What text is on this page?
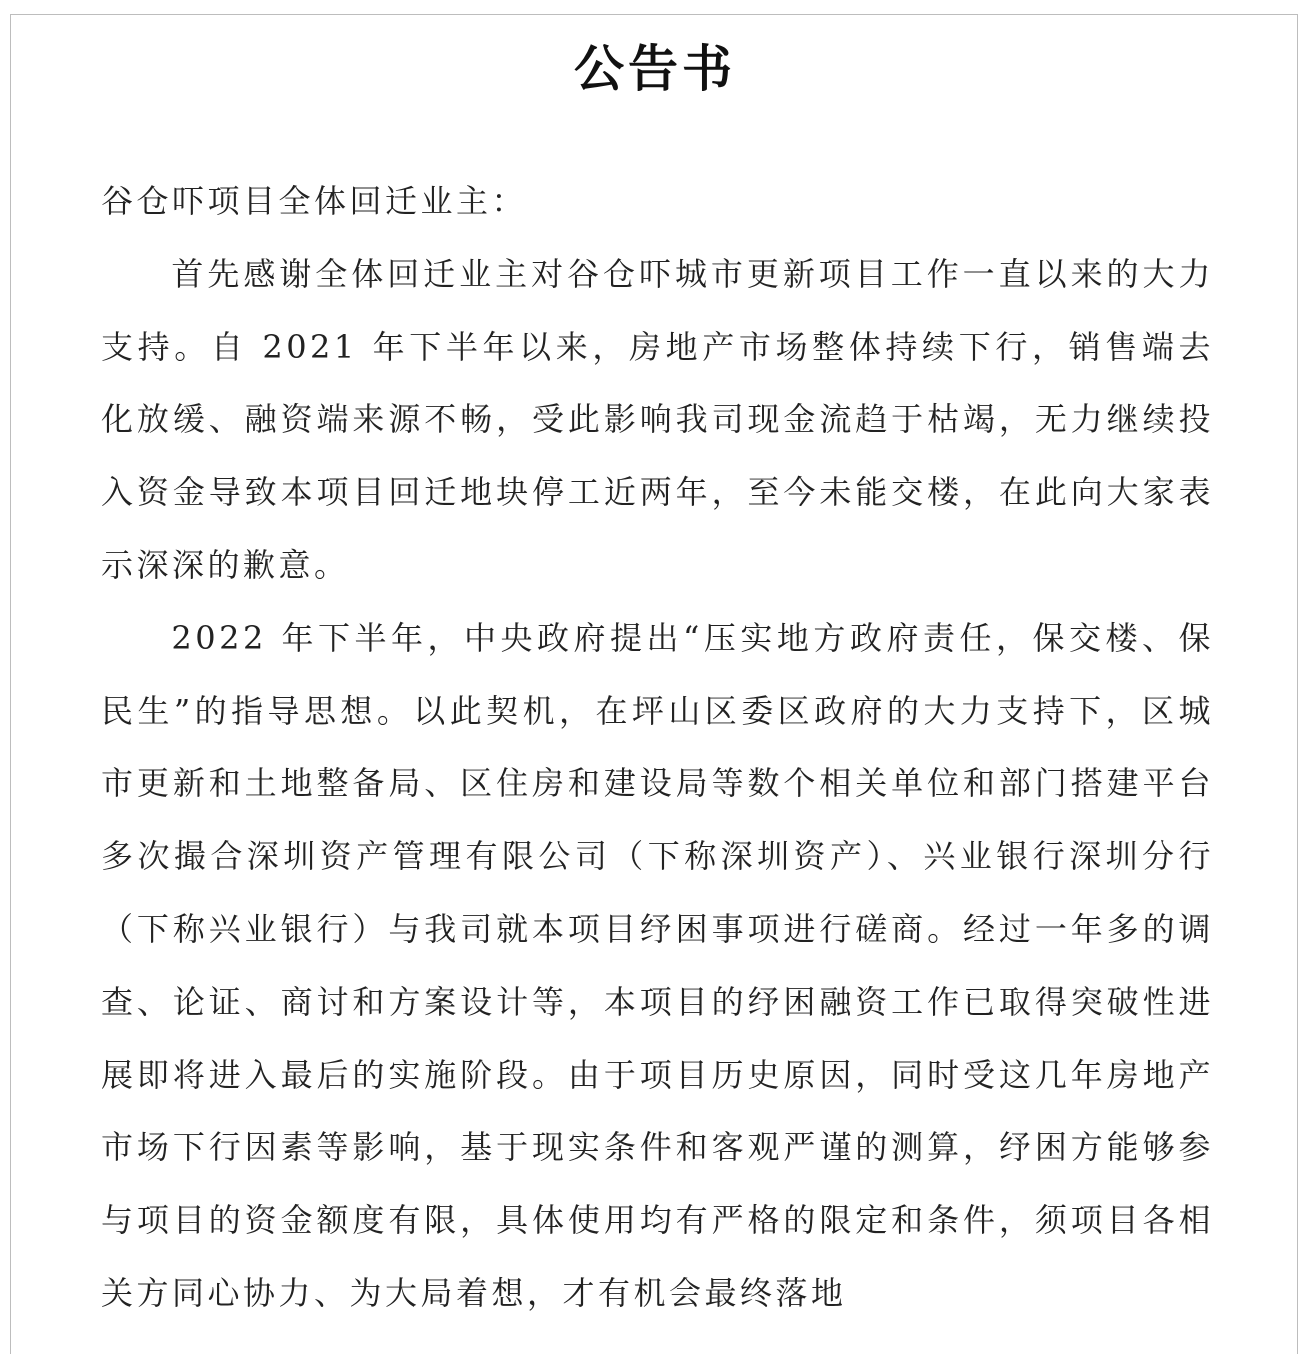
公告书

谷仓吓项目全体回迁业主：

首先感谢全体回迁业主对谷仓吓城市更新项目工作一直以来的大力支持。自 2021 年下半年以来，房地产市场整体持续下行，销售端去化放缓、融资端来源不畅，受此影响我司现金流趋于枯竭，无力继续投入资金导致本项目回迁地块停工近两年，至今未能交楼，在此向大家表示深深的歉意。

2022 年下半年，中央政府提出“压实地方政府责任，保交楼、保民生”的指导思想。以此契机，在坪山区委区政府的大力支持下，区城市更新和土地整备局、区住房和建设局等数个相关单位和部门搭建平台多次撮合深圳资产管理有限公司（下称深圳资产）、兴业银行深圳分行（下称兴业银行）与我司就本项目纾困事项进行磋商。经过一年多的调查、论证、商讨和方案设计等，本项目的纾困融资工作已取得突破性进展即将进入最后的实施阶段。由于项目历史原因，同时受这几年房地产市场下行因素等影响，基于现实条件和客观严谨的测算，纾困方能够参与项目的资金额度有限，具体使用均有严格的限定和条件，须项目各相关方同心协力、为大局着想，才有机会最终落地
